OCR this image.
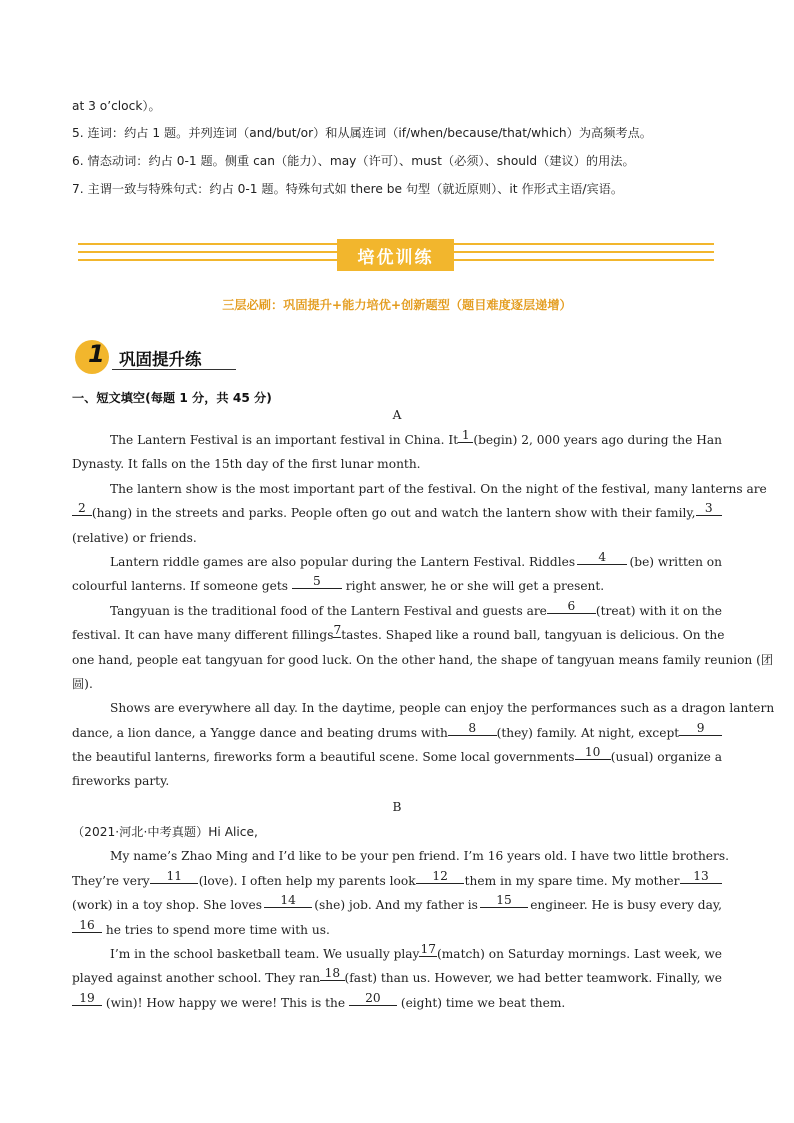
at 3 o’clock）。
5. 连词：约占 1 题。并列连词（and/but/or）和从属连词（if/when/because/that/which）为高频考点。
6. 情态动词：约占 0-1 题。侧重 can（能力）、may（许可）、must（必须）、should（建议）的用法。
7. 主谓一致与特殊句式：约占 0-1 题。特殊句式如 there be 句型（就近原则）、it 作形式主语/宾语。
培优训练
三层必刷：巩固提升+能力培优+创新题型（题目难度逐层递增）
1 巩固提升练
一、短文填空(每题 1 分，共 45 分)
A
The Lantern Festival is an important festival in China. It 1 (begin) 2, 000 years ago during the Han
Dynasty. It falls on the 15th day of the first lunar month.
The lantern show is the most important part of the festival. On the night of the festival, many lanterns are
2 (hang) in the streets and parks. People often go out and watch the lantern show with their family, 3
(relative) or friends.
Lantern riddle games are also popular during the Lantern Festival. Riddles	4	(be) written on
colourful lanterns. If someone gets
	5
	right answer, he or she will get a present.
Tangyuan is the traditional food of the Lantern Festival and guests are	6	(treat) with it on the
festival. It can have many different fillings 7 tastes. Shaped like a round ball, tangyuan is delicious. On the
one hand, people eat tangyuan for good luck. On the other hand, the shape of tangyuan means family reunion (团
圆).
Shows are everywhere all day. In the daytime, people can enjoy the performances such as a dragon lantern
dance, a lion dance, a Yangge dance and beating drums with	8	(they) family. At night, except	9
the beautiful lanterns, fireworks form a beautiful scene. Some local governments 10 (usual) organize a
fireworks party.
B
（2021·河北·中考真题）Hi Alice,
My name’s Zhao Ming and I’d like to be your pen friend. I’m 16 years old. I have two little brothers.
They’re very	11	(love). I often help my parents look	12	them in my spare time. My mother	13
(work) in a toy shop. She loves	14	(she) job. And my father is	15	engineer. He is busy every day,
16
he tries to spend more time with us.
I’m in the school basketball team. We usually play 17 (match) on Saturday mornings. Last week, we
played against another school. They ran 18 (fast) than us. However, we had better teamwork. Finally, we
19
(win)! How happy we were! This is the
	20
	(eight) time we beat them.
